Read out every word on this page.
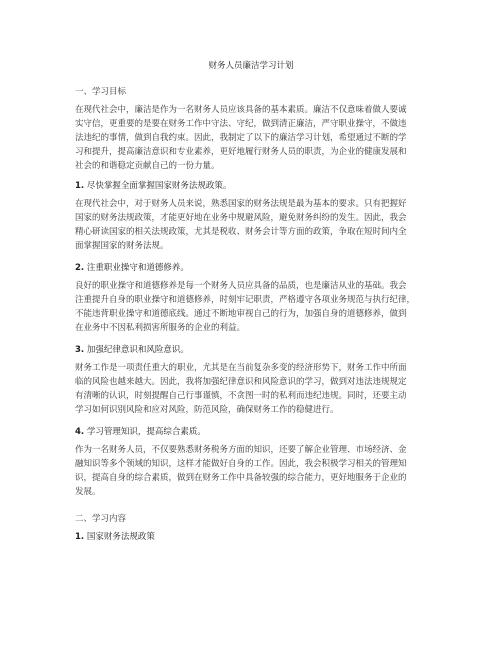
财务人员廉洁学习计划
一、学习目标
在现代社会中，廉洁是作为一名财务人员应该具备的基本素质。廉洁不仅意味着做人要诚
实守信，更重要的是要在财务工作中守法、守纪，做到清正廉洁，严守职业操守，不做违
法违纪的事情，做到自我约束。因此，我制定了以下的廉洁学习计划，希望通过不断的学
习和提升，提高廉洁意识和专业素养，更好地履行财务人员的职责，为企业的健康发展和
社会的和谐稳定贡献自己的一份力量。
1. 尽快掌握全面掌握国家财务法规政策。
在现代社会中，对于财务人员来说，熟悉国家的财务法规是最为基本的要求。只有把握好
国家的财务法规政策，才能更好地在业务中规避风险，避免财务纠纷的发生。因此，我会
精心研读国家的相关法规政策，尤其是税收、财务会计等方面的政策，争取在短时间内全
面掌握国家的财务法规。
2. 注重职业操守和道德修养。
良好的职业操守和道德修养是每一个财务人员应具备的品质，也是廉洁从业的基础。我会
注重提升自身的职业操守和道德修养，时刻牢记职责，严格遵守各项业务规范与执行纪律，
不能违背职业操守和道德底线。通过不断地审视自己的行为，加强自身的道德修养，做到
在业务中不因私利损害所服务的企业的利益。
3. 加强纪律意识和风险意识。
财务工作是一项责任重大的职业，尤其是在当前复杂多变的经济形势下，财务工作中所面
临的风险也越来越大。因此，我将加强纪律意识和风险意识的学习，做到对违法违规规定
有清晰的认识，时刻提醒自己行事谨慎，不贪图一时的私利而违纪违规。同时，还要主动
学习如何识别风险和应对风险，防范风险，确保财务工作的稳健进行。
4. 学习管理知识，提高综合素质。
作为一名财务人员，不仅要熟悉财务税务方面的知识，还要了解企业管理、市场经济、金
融知识等多个领域的知识，这样才能做好自身的工作。因此，我会积极学习相关的管理知
识，提高自身的综合素质，做到在财务工作中具备较强的综合能力，更好地服务于企业的
发展。
二、学习内容
1. 国家财务法规政策
